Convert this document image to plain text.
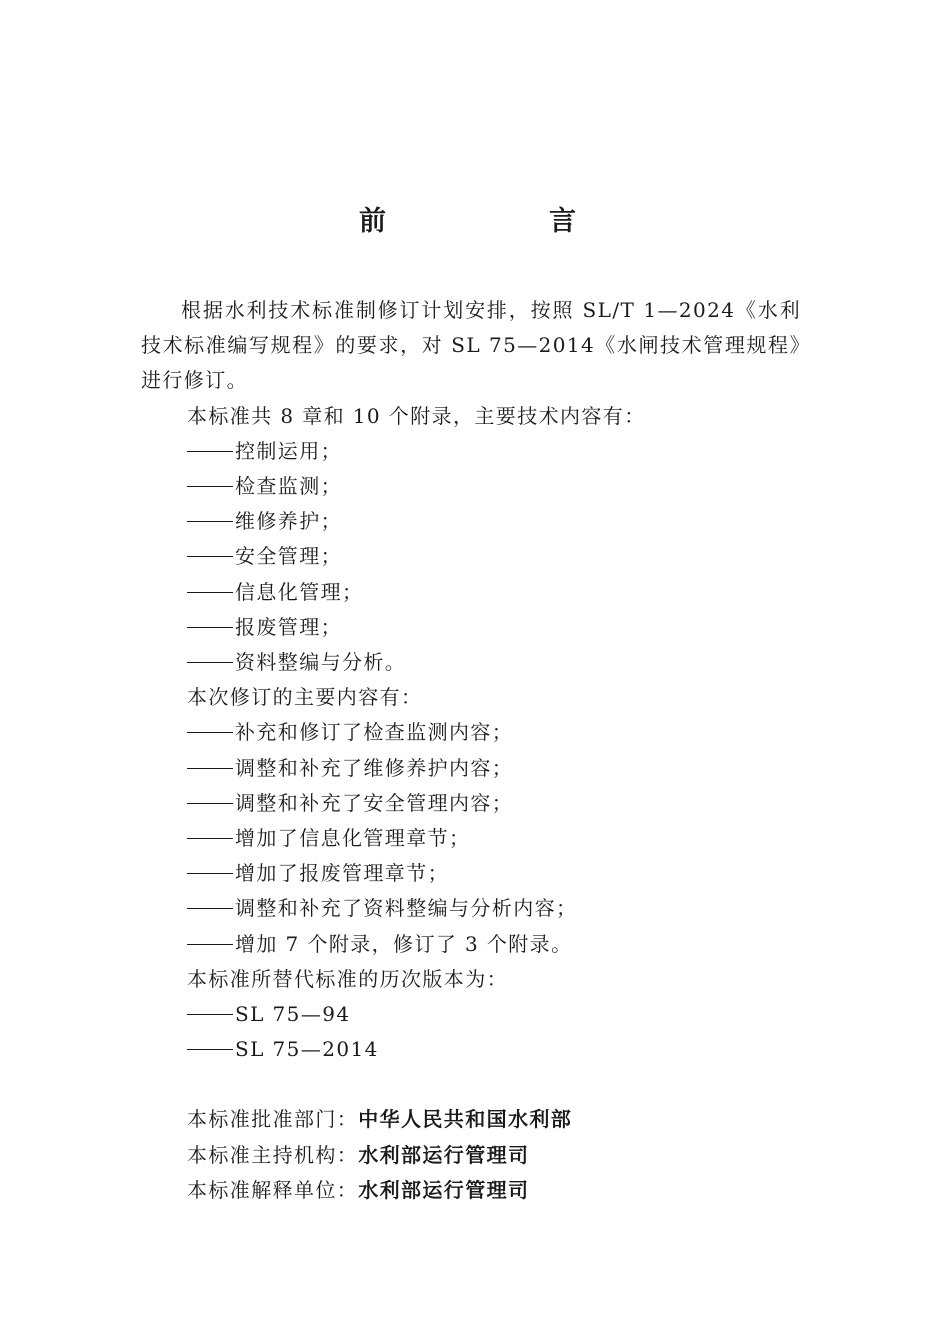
前　言

根据水利技术标准制修订计划安排，按照 SL/T 1—2024《水利技术标准编写规程》的要求，对 SL 75—2014《水闸技术管理规程》进行修订。

本标准共 8 章和 10 个附录，主要技术内容有：

控制运用；

检查监测；

维修养护；

安全管理；

信息化管理；

报废管理；

资料整编与分析。

本次修订的主要内容有：

补充和修订了检查监测内容；

调整和补充了维修养护内容；

调整和补充了安全管理内容；

增加了信息化管理章节；

增加了报废管理章节；

调整和补充了资料整编与分析内容；

增加 7 个附录，修订了 3 个附录。

本标准所替代标准的历次版本为：

SL 75—94

SL 75—2014

本标准批准部门：中华人民共和国水利部

本标准主持机构：水利部运行管理司

本标准解释单位：水利部运行管理司
